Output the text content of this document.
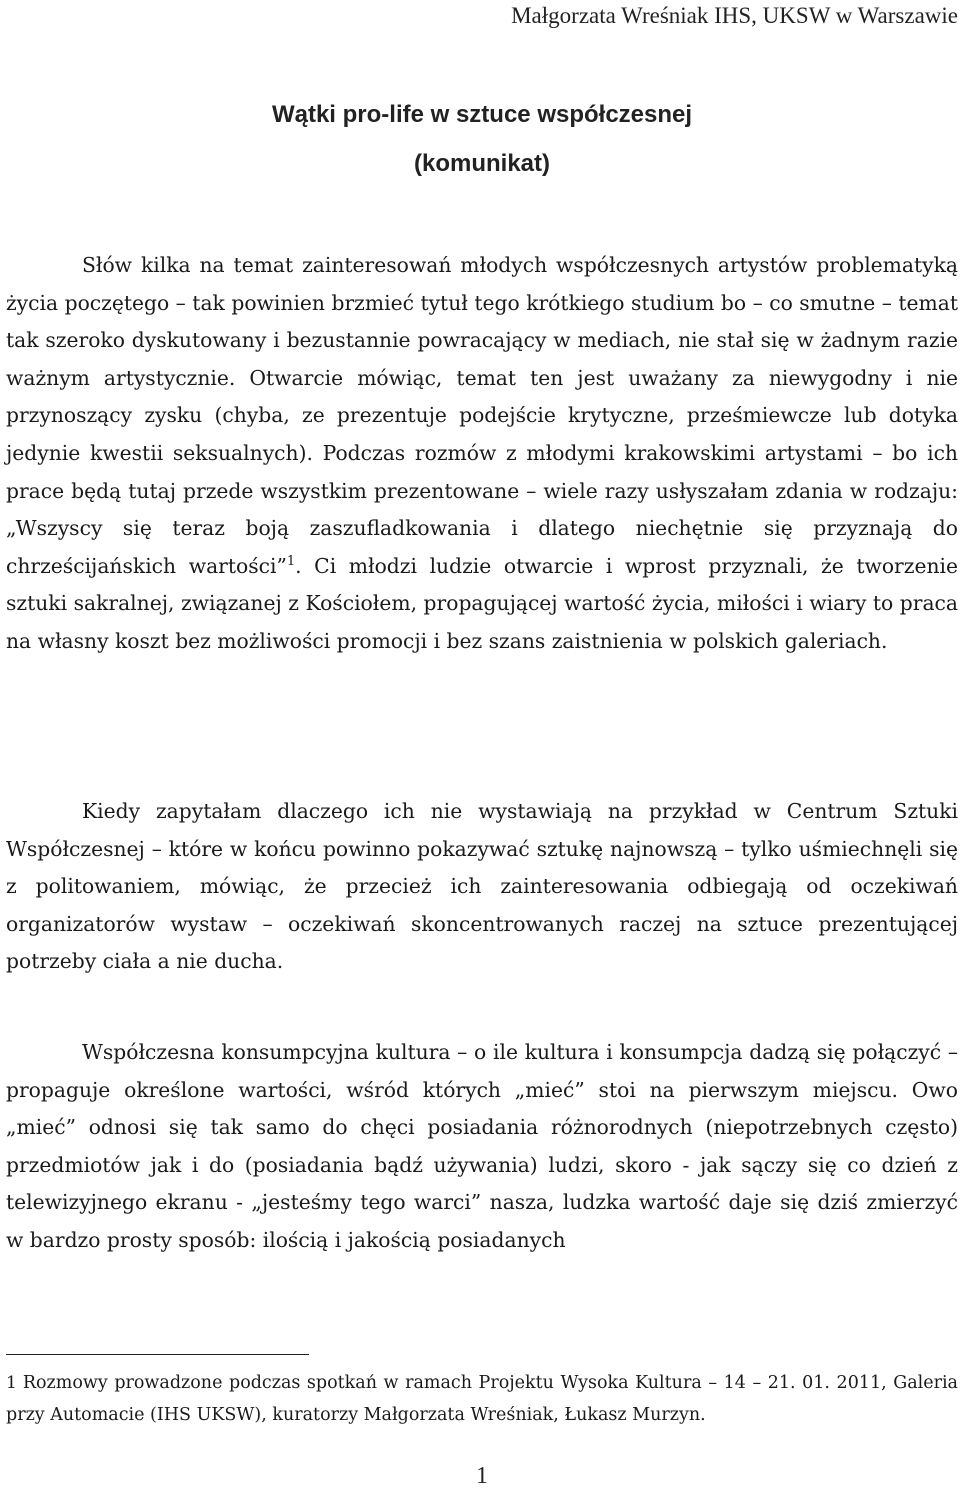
Małgorzata Wreśniak IHS, UKSW w Warszawie
Wątki pro-life w sztuce współczesnej
(komunikat)

Słów kilka na temat zainteresowań młodych współczesnych artystów problematyką życia poczętego – tak powinien brzmieć tytuł tego krótkiego studium bo – co smutne – temat tak szeroko dyskutowany i bezustannie powracający w mediach, nie stał się w żadnym razie ważnym artystycznie. Otwarcie mówiąc, temat ten jest uważany za niewygodny i nie przynoszący zysku (chyba, ze prezentuje podejście krytyczne, prześmiewcze lub dotyka jedynie kwestii seksualnych). Podczas rozmów z młodymi krakowskimi artystami – bo ich prace będą tutaj przede wszystkim prezentowane – wiele razy usłyszałam zdania w rodzaju: „Wszyscy się teraz boją zaszufladkowania i dlatego niechętnie się przyznają do chrześcijańskich wartości”$^1$. Ci młodzi ludzie otwarcie i wprost przyznali, że tworzenie sztuki sakralnej, związanej z Kościołem, propagującej wartość życia, miłości i wiary to praca na własny koszt bez możliwości promocji i bez szans zaistnienia w polskich galeriach.

Kiedy zapytałam dlaczego ich nie wystawiają na przykład w Centrum Sztuki Współczesnej – które w końcu powinno pokazywać sztukę najnowszą – tylko uśmiechnęli się z politowaniem, mówiąc, że przecież ich zainteresowania odbiegają od oczekiwań organizatorów wystaw – oczekiwań skoncentrowanych raczej na sztuce prezentującej potrzeby ciała a nie ducha.

Współczesna konsumpcyjna kultura – o ile kultura i konsumpcja dadzą się połączyć – propaguje określone wartości, wśród których „mieć” stoi na pierwszym miejscu. Owo „mieć” odnosi się tak samo do chęci posiadania różnorodnych (niepotrzebnych często) przedmiotów jak i do (posiadania bądź używania) ludzi, skoro - jak sączy się co dzień z telewizyjnego ekranu - „jesteśmy tego warci” nasza, ludzka wartość daje się dziś zmierzyć w bardzo prosty sposób: ilością i jakością posiadanych

1 Rozmowy prowadzone podczas spotkań w ramach Projektu Wysoka Kultura – 14 – 21. 01. 2011, Galeria przy Automacie (IHS UKSW), kuratorzy Małgorzata Wreśniak, Łukasz Murzyn.

1
